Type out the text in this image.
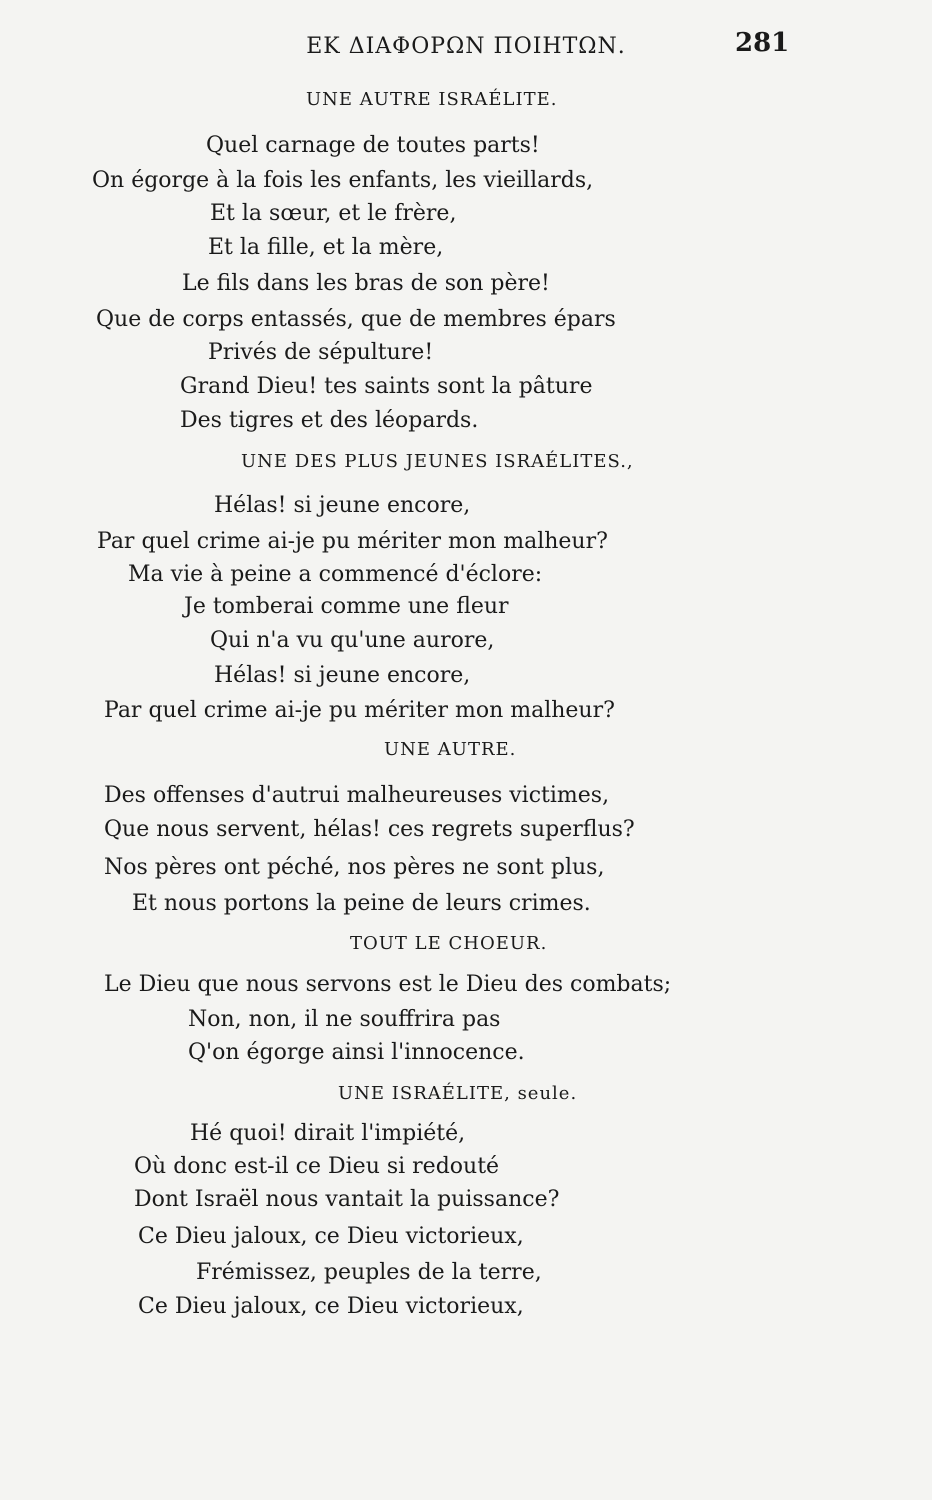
ΕΚ ΔΙΑΦΟΡΩΝ ΠΟΙΗΤΩΝ.	281
UNE AUTRE ISRAÉLITE.
Quel carnage de toutes parts!
On égorge à la fois les enfants, les vieillards,
Et la sœur, et le frère,
Et la fille, et la mère,
Le fils dans les bras de son père!
Que de corps entassés, que de membres épars
Privés de sépulture!
Grand Dieu! tes saints sont la pâture
Des tigres et des léopards.
UNE DES PLUS JEUNES ISRAÉLITES.,
Hélas! si jeune encore,
Par quel crime ai-je pu mériter mon malheur?
Ma vie à peine a commencé d'éclore:
Je tomberai comme une fleur
Qui n'a vu qu'une aurore,
Hélas! si jeune encore,
Par quel crime ai-je pu mériter mon malheur?
UNE AUTRE.
Des offenses d'autrui malheureuses victimes,
Que nous servent, hélas! ces regrets superflus?
Nos pères ont péché, nos pères ne sont plus,
Et nous portons la peine de leurs crimes.
TOUT LE CHOEUR.
Le Dieu que nous servons est le Dieu des combats;
Non, non, il ne souffrira pas
Q'on égorge ainsi l'innocence.
UNE ISRAÉLITE, seule.
Hé quoi! dirait l'impiété,
Où donc est-il ce Dieu si redouté
Dont Israël nous vantait la puissance?
Ce Dieu jaloux, ce Dieu victorieux,
Frémissez, peuples de la terre,
Ce Dieu jaloux, ce Dieu victorieux,
